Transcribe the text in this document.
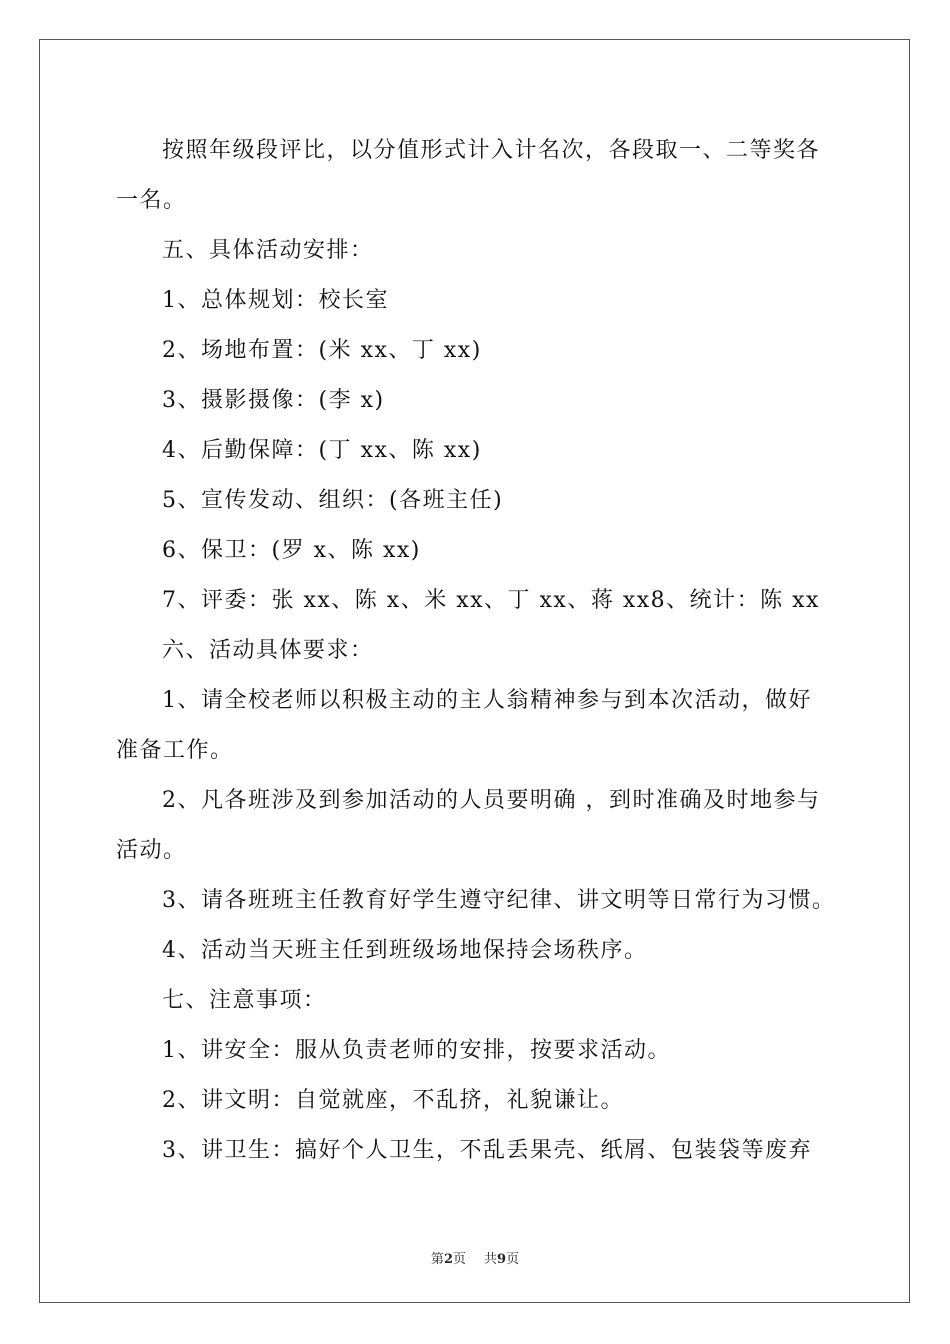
按照年级段评比，以分值形式计入计名次，各段取一、二等奖各
一名。
五、具体活动安排：
1、总体规划：校长室
2、场地布置：(米 xx、丁 xx)
3、摄影摄像：(李 x)
4、后勤保障：(丁 xx、陈 xx)
5、宣传发动、组织：(各班主任)
6、保卫：(罗 x、陈 xx)
7、评委：张 xx、陈 x、米 xx、丁 xx、蒋 xx8、统计：陈 xx
六、活动具体要求：
1、请全校老师以积极主动的主人翁精神参与到本次活动，做好
准备工作。
2、凡各班涉及到参加活动的人员要明确 ，到时准确及时地参与
活动。
3、请各班班主任教育好学生遵守纪律、讲文明等日常行为习惯。
4、活动当天班主任到班级场地保持会场秩序。
七、注意事项：
1、讲安全：服从负责老师的安排，按要求活动。
2、讲文明：自觉就座，不乱挤，礼貌谦让。
3、讲卫生：搞好个人卫生，不乱丢果壳、纸屑、包装袋等废弃
第2页 共9页
